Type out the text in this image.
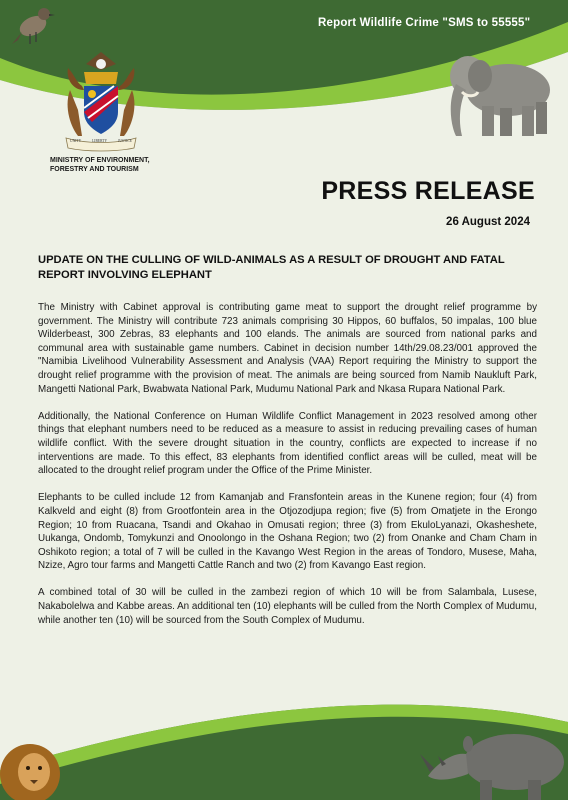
UNITY	LIBERTY	JUSTICE
Report Wildlife Crime "SMS to 55555"
MINISTRY OF ENVIRONMENT,
FORESTRY AND TOURISM
PRESS RELEASE
26 August 2024
UPDATE ON THE CULLING OF WILD-ANIMALS AS A RESULT OF DROUGHT AND FATAL REPORT INVOLVING ELEPHANT

The Ministry with Cabinet approval is contributing game meat to support the drought relief programme by government. The Ministry will contribute 723 animals comprising 30 Hippos, 60 buffalos, 50 impalas, 100 blue Wilderbeast, 300 Zebras, 83 elephants and 100 elands. The animals are sourced from national parks and communal area with sustainable game numbers. Cabinet in decision number 14th/29.08.23/001 approved the "Namibia Livelihood Vulnerability Assessment and Analysis (VAA) Report requiring the Ministry to support the drought relief programme with the provision of meat. The animals are being sourced from Namib Naukluft Park, Mangetti National Park, Bwabwata National Park, Mudumu National Park and Nkasa Rupara National Park.

Additionally, the National Conference on Human Wildlife Conflict Management in 2023 resolved among other things that elephant numbers need to be reduced as a measure to assist in reducing prevailing cases of human wildlife conflict. With the severe drought situation in the country, conflicts are expected to increase if no interventions are made. To this effect, 83 elephants from identified conflict areas will be culled, meat will be allocated to the drought relief program under the Office of the Prime Minister.

Elephants to be culled include 12 from Kamanjab and Fransfontein areas in the Kunene region; four (4) from Kalkveld and eight (8) from Grootfontein area in the Otjozodjupa region; five (5) from Omatjete in the Erongo Region; 10 from Ruacana, Tsandi and Okahao in Omusati region; three (3) from EkuloLyanazi, Okasheshete, Uukanga, Ondomb, Tomykunzi and Onoolongo in the Oshana Region; two (2) from Onanke and Cham Cham in Oshikoto region; a total of 7 will be culled in the Kavango West Region in the areas of Tondoro, Musese, Maha, Nzize, Agro tour farms and Mangetti Cattle Ranch and two (2) from Kavango East region.

A combined total of 30 will be culled in the zambezi region of which 10 will be from Salambala, Lusese, Nakabolelwa and Kabbe areas. An additional ten (10) elephants will be culled from the North Complex of Mudumu, while another ten (10) will be sourced from the South Complex of Mudumu.
